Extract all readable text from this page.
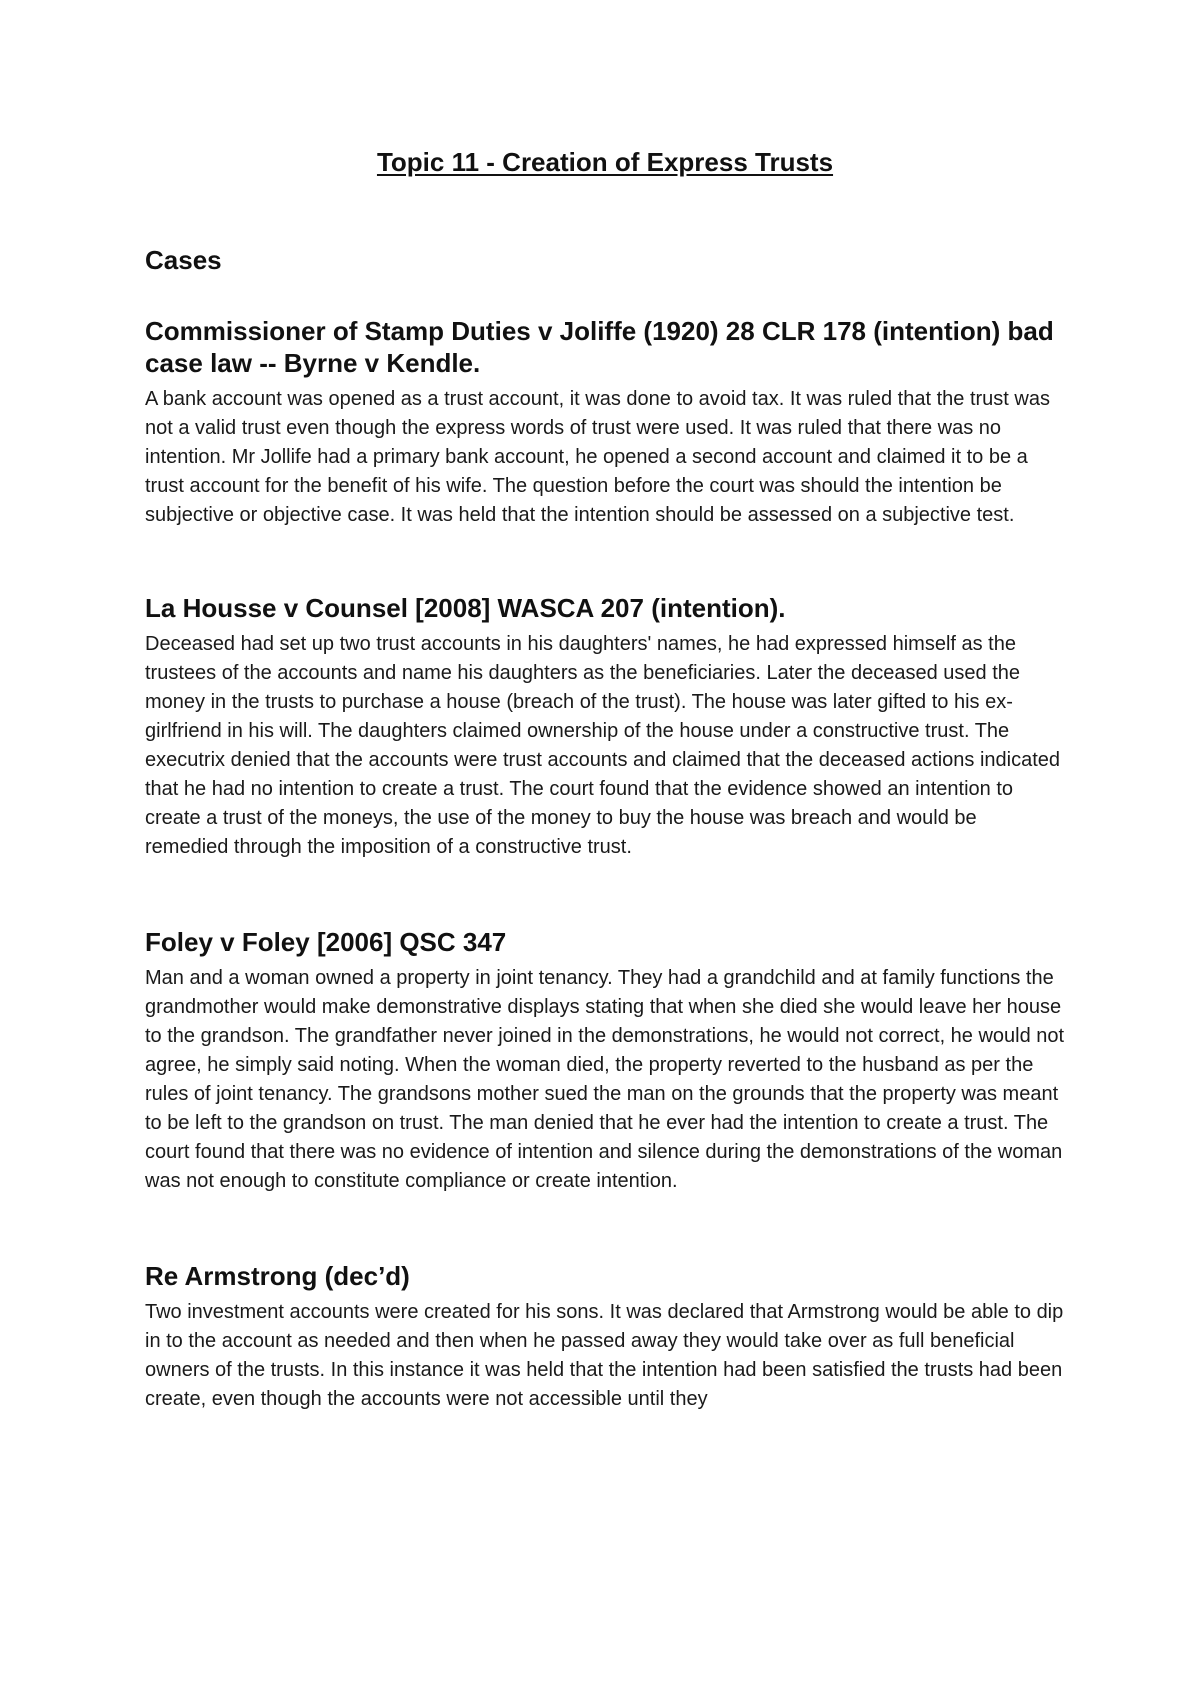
Topic 11 - Creation of Express Trusts
Cases
Commissioner of Stamp Duties v Joliffe (1920) 28 CLR 178 (intention) bad case law -- Byrne v Kendle.

A bank account was opened as a trust account, it was done to avoid tax. It was ruled that the trust was not a valid trust even though the express words of trust were used. It was ruled that there was no intention. Mr Jollife had a primary bank account, he opened a second account and claimed it to be a trust account for the benefit of his wife. The question before the court was should the intention be subjective or objective case. It was held that the intention should be assessed on a subjective test.

La Housse v Counsel [2008] WASCA 207 (intention).

Deceased had set up two trust accounts in his daughters' names, he had expressed himself as the trustees of the accounts and name his daughters as the beneficiaries. Later the deceased used the money in the trusts to purchase a house (breach of the trust). The house was later gifted to his ex-girlfriend in his will. The daughters claimed ownership of the house under a constructive trust. The executrix denied that the accounts were trust accounts and claimed that the deceased actions indicated that he had no intention to create a trust. The court found that the evidence showed an intention to create a trust of the moneys, the use of the money to buy the house was breach and would be remedied through the imposition of a constructive trust.

Foley v Foley [2006] QSC 347

Man and a woman owned a property in joint tenancy. They had a grandchild and at family functions the grandmother would make demonstrative displays stating that when she died she would leave her house to the grandson. The grandfather never joined in the demonstrations, he would not correct, he would not agree, he simply said noting. When the woman died, the property reverted to the husband as per the rules of joint tenancy. The grandsons mother sued the man on the grounds that the property was meant to be left to the grandson on trust. The man denied that he ever had the intention to create a trust. The court found that there was no evidence of intention and silence during the demonstrations of the woman was not enough to constitute compliance or create intention.

Re Armstrong (dec’d)

Two investment accounts were created for his sons. It was declared that Armstrong would be able to dip in to the account as needed and then when he passed away they would take over as full beneficial owners of the trusts. In this instance it was held that the intention had been satisfied the trusts had been create, even though the accounts were not accessible until they
